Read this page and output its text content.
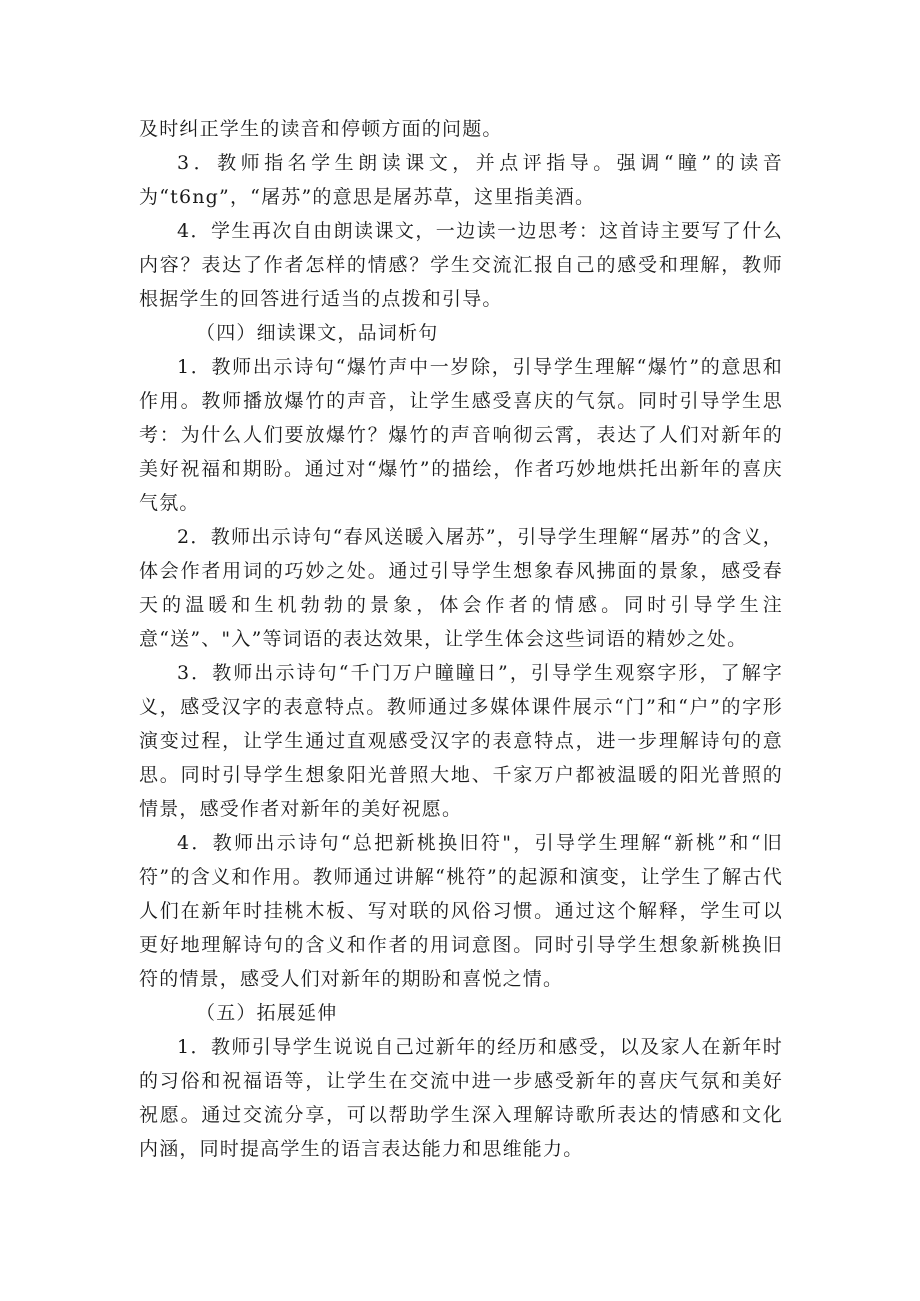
及时纠正学生的读音和停顿方面的问题。

3．教师指名学生朗读课文，并点评指导。强调“瞳”的读音为“t6ng”，“屠苏”的意思是屠苏草，这里指美酒。

4．学生再次自由朗读课文，一边读一边思考：这首诗主要写了什么内容？表达了作者怎样的情感？学生交流汇报自己的感受和理解，教师根据学生的回答进行适当的点拨和引导。

（四）细读课文，品词析句

1．教师出示诗句“爆竹声中一岁除，引导学生理解“爆竹”的意思和作用。教师播放爆竹的声音，让学生感受喜庆的气氛。同时引导学生思考：为什么人们要放爆竹？爆竹的声音响彻云霄，表达了人们对新年的美好祝福和期盼。通过对“爆竹”的描绘，作者巧妙地烘托出新年的喜庆气氛。

2．教师出示诗句“春风送暖入屠苏”，引导学生理解“屠苏”的含义，体会作者用词的巧妙之处。通过引导学生想象春风拂面的景象，感受春天的温暖和生机勃勃的景象，体会作者的情感。同时引导学生注意“送”、"入”等词语的表达效果，让学生体会这些词语的精妙之处。

3．教师出示诗句“千门万户瞳瞳日”，引导学生观察字形，了解字义，感受汉字的表意特点。教师通过多媒体课件展示“门”和“户”的字形演变过程，让学生通过直观感受汉字的表意特点，进一步理解诗句的意思。同时引导学生想象阳光普照大地、千家万户都被温暖的阳光普照的情景，感受作者对新年的美好祝愿。

4．教师出示诗句“总把新桃换旧符"，引导学生理解“新桃”和“旧符”的含义和作用。教师通过讲解“桃符”的起源和演变，让学生了解古代人们在新年时挂桃木板、写对联的风俗习惯。通过这个解释，学生可以更好地理解诗句的含义和作者的用词意图。同时引导学生想象新桃换旧符的情景，感受人们对新年的期盼和喜悦之情。

（五）拓展延伸

1．教师引导学生说说自己过新年的经历和感受，以及家人在新年时的习俗和祝福语等，让学生在交流中进一步感受新年的喜庆气氛和美好祝愿。通过交流分享，可以帮助学生深入理解诗歌所表达的情感和文化内涵，同时提高学生的语言表达能力和思维能力。
